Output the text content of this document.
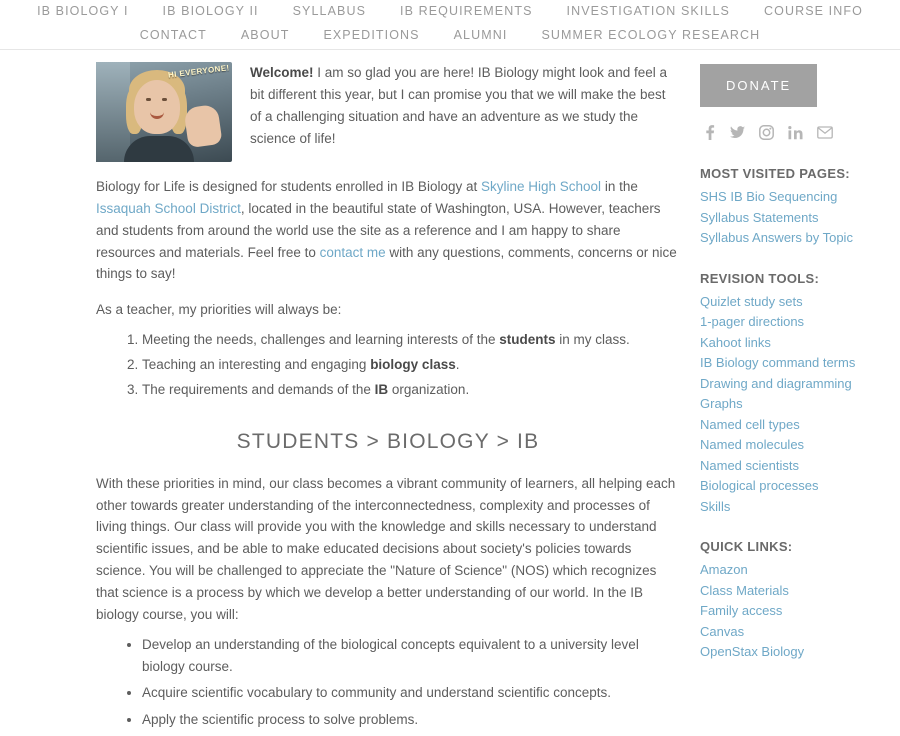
IB BIOLOGY I	IB BIOLOGY II	SYLLABUS	IB REQUIREMENTS	INVESTIGATION SKILLS	COURSE INFO
CONTACT	ABOUT	EXPEDITIONS	ALUMNI	SUMMER ECOLOGY RESEARCH
HI EVERYONE! Welcome! I am so glad you are here! IB Biology might look and feel a bit different this year, but I can promise you that we will make the best of a challenging situation and have an adventure as we study the science of life!

Biology for Life is designed for students enrolled in IB Biology at Skyline High School in the Issaquah School District, located in the beautiful state of Washington, USA. However, teachers and students from around the world use the site as a reference and I am happy to share resources and materials. Feel free to contact me with any questions, comments, concerns or nice things to say!

As a teacher, my priorities will always be:

1. Meeting the needs, challenges and learning interests of the students in my class.
2. Teaching an interesting and engaging biology class.
3. The requirements and demands of the IB organization.
STUDENTS > BIOLOGY > IB

With these priorities in mind, our class becomes a vibrant community of learners, all helping each other towards greater understanding of the interconnectedness, complexity and processes of living things. Our class will provide you with the knowledge and skills necessary to understand scientific issues, and be able to make educated decisions about society's policies towards science. You will be challenged to appreciate the "Nature of Science" (NOS) which recognizes that science is a process by which we develop a better understanding of our world. In the IB biology course, you will:

• Develop an understanding of the biological concepts equivalent to a university level biology course.
• Acquire scientific vocabulary to community and understand scientific concepts.
• Apply the scientific process to solve problems.
DONATE
MOST VISITED PAGES:
SHS IB Bio Sequencing
Syllabus Statements
Syllabus Answers by Topic
REVISION TOOLS:
Quizlet study sets
1-pager directions
Kahoot links
IB Biology command terms
Drawing and diagramming
Graphs
Named cell types
Named molecules
Named scientists
Biological processes
Skills
QUICK LINKS:
Amazon
Class Materials
Family access
Canvas
OpenStax Biology
